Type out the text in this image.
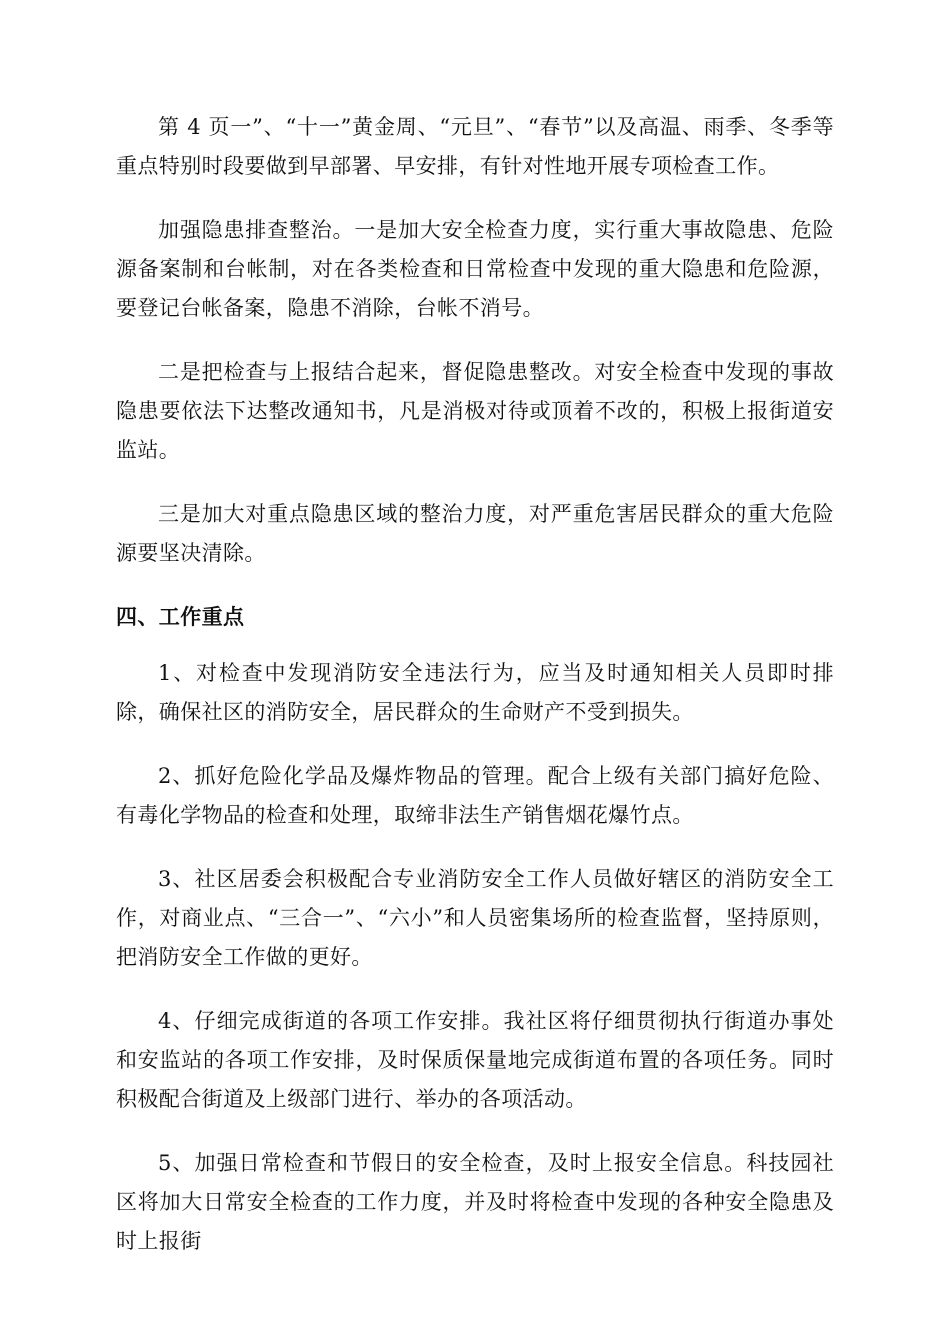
第 4 页一”、“十一”黄金周、“元旦”、“春节”以及高温、雨季、冬季等重点特别时段要做到早部署、早安排，有针对性地开展专项检查工作。

加强隐患排查整治。一是加大安全检查力度，实行重大事故隐患、危险源备案制和台帐制，对在各类检查和日常检查中发现的重大隐患和危险源，要登记台帐备案，隐患不消除，台帐不消号。

二是把检查与上报结合起来，督促隐患整改。对安全检查中发现的事故隐患要依法下达整改通知书，凡是消极对待或顶着不改的，积极上报街道安监站。

三是加大对重点隐患区域的整治力度，对严重危害居民群众的重大危险源要坚决清除。

四、工作重点

1、对检查中发现消防安全违法行为，应当及时通知相关人员即时排除，确保社区的消防安全，居民群众的生命财产不受到损失。

2、抓好危险化学品及爆炸物品的管理。配合上级有关部门搞好危险、有毒化学物品的检查和处理，取缔非法生产销售烟花爆竹点。

3、社区居委会积极配合专业消防安全工作人员做好辖区的消防安全工作，对商业点、“三合一”、“六小”和人员密集场所的检查监督，坚持原则，把消防安全工作做的更好。

4、仔细完成街道的各项工作安排。我社区将仔细贯彻执行街道办事处和安监站的各项工作安排，及时保质保量地完成街道布置的各项任务。同时积极配合街道及上级部门进行、举办的各项活动。

5、加强日常检查和节假日的安全检查，及时上报安全信息。科技园社区将加大日常安全检查的工作力度，并及时将检查中发现的各种安全隐患及时上报街
